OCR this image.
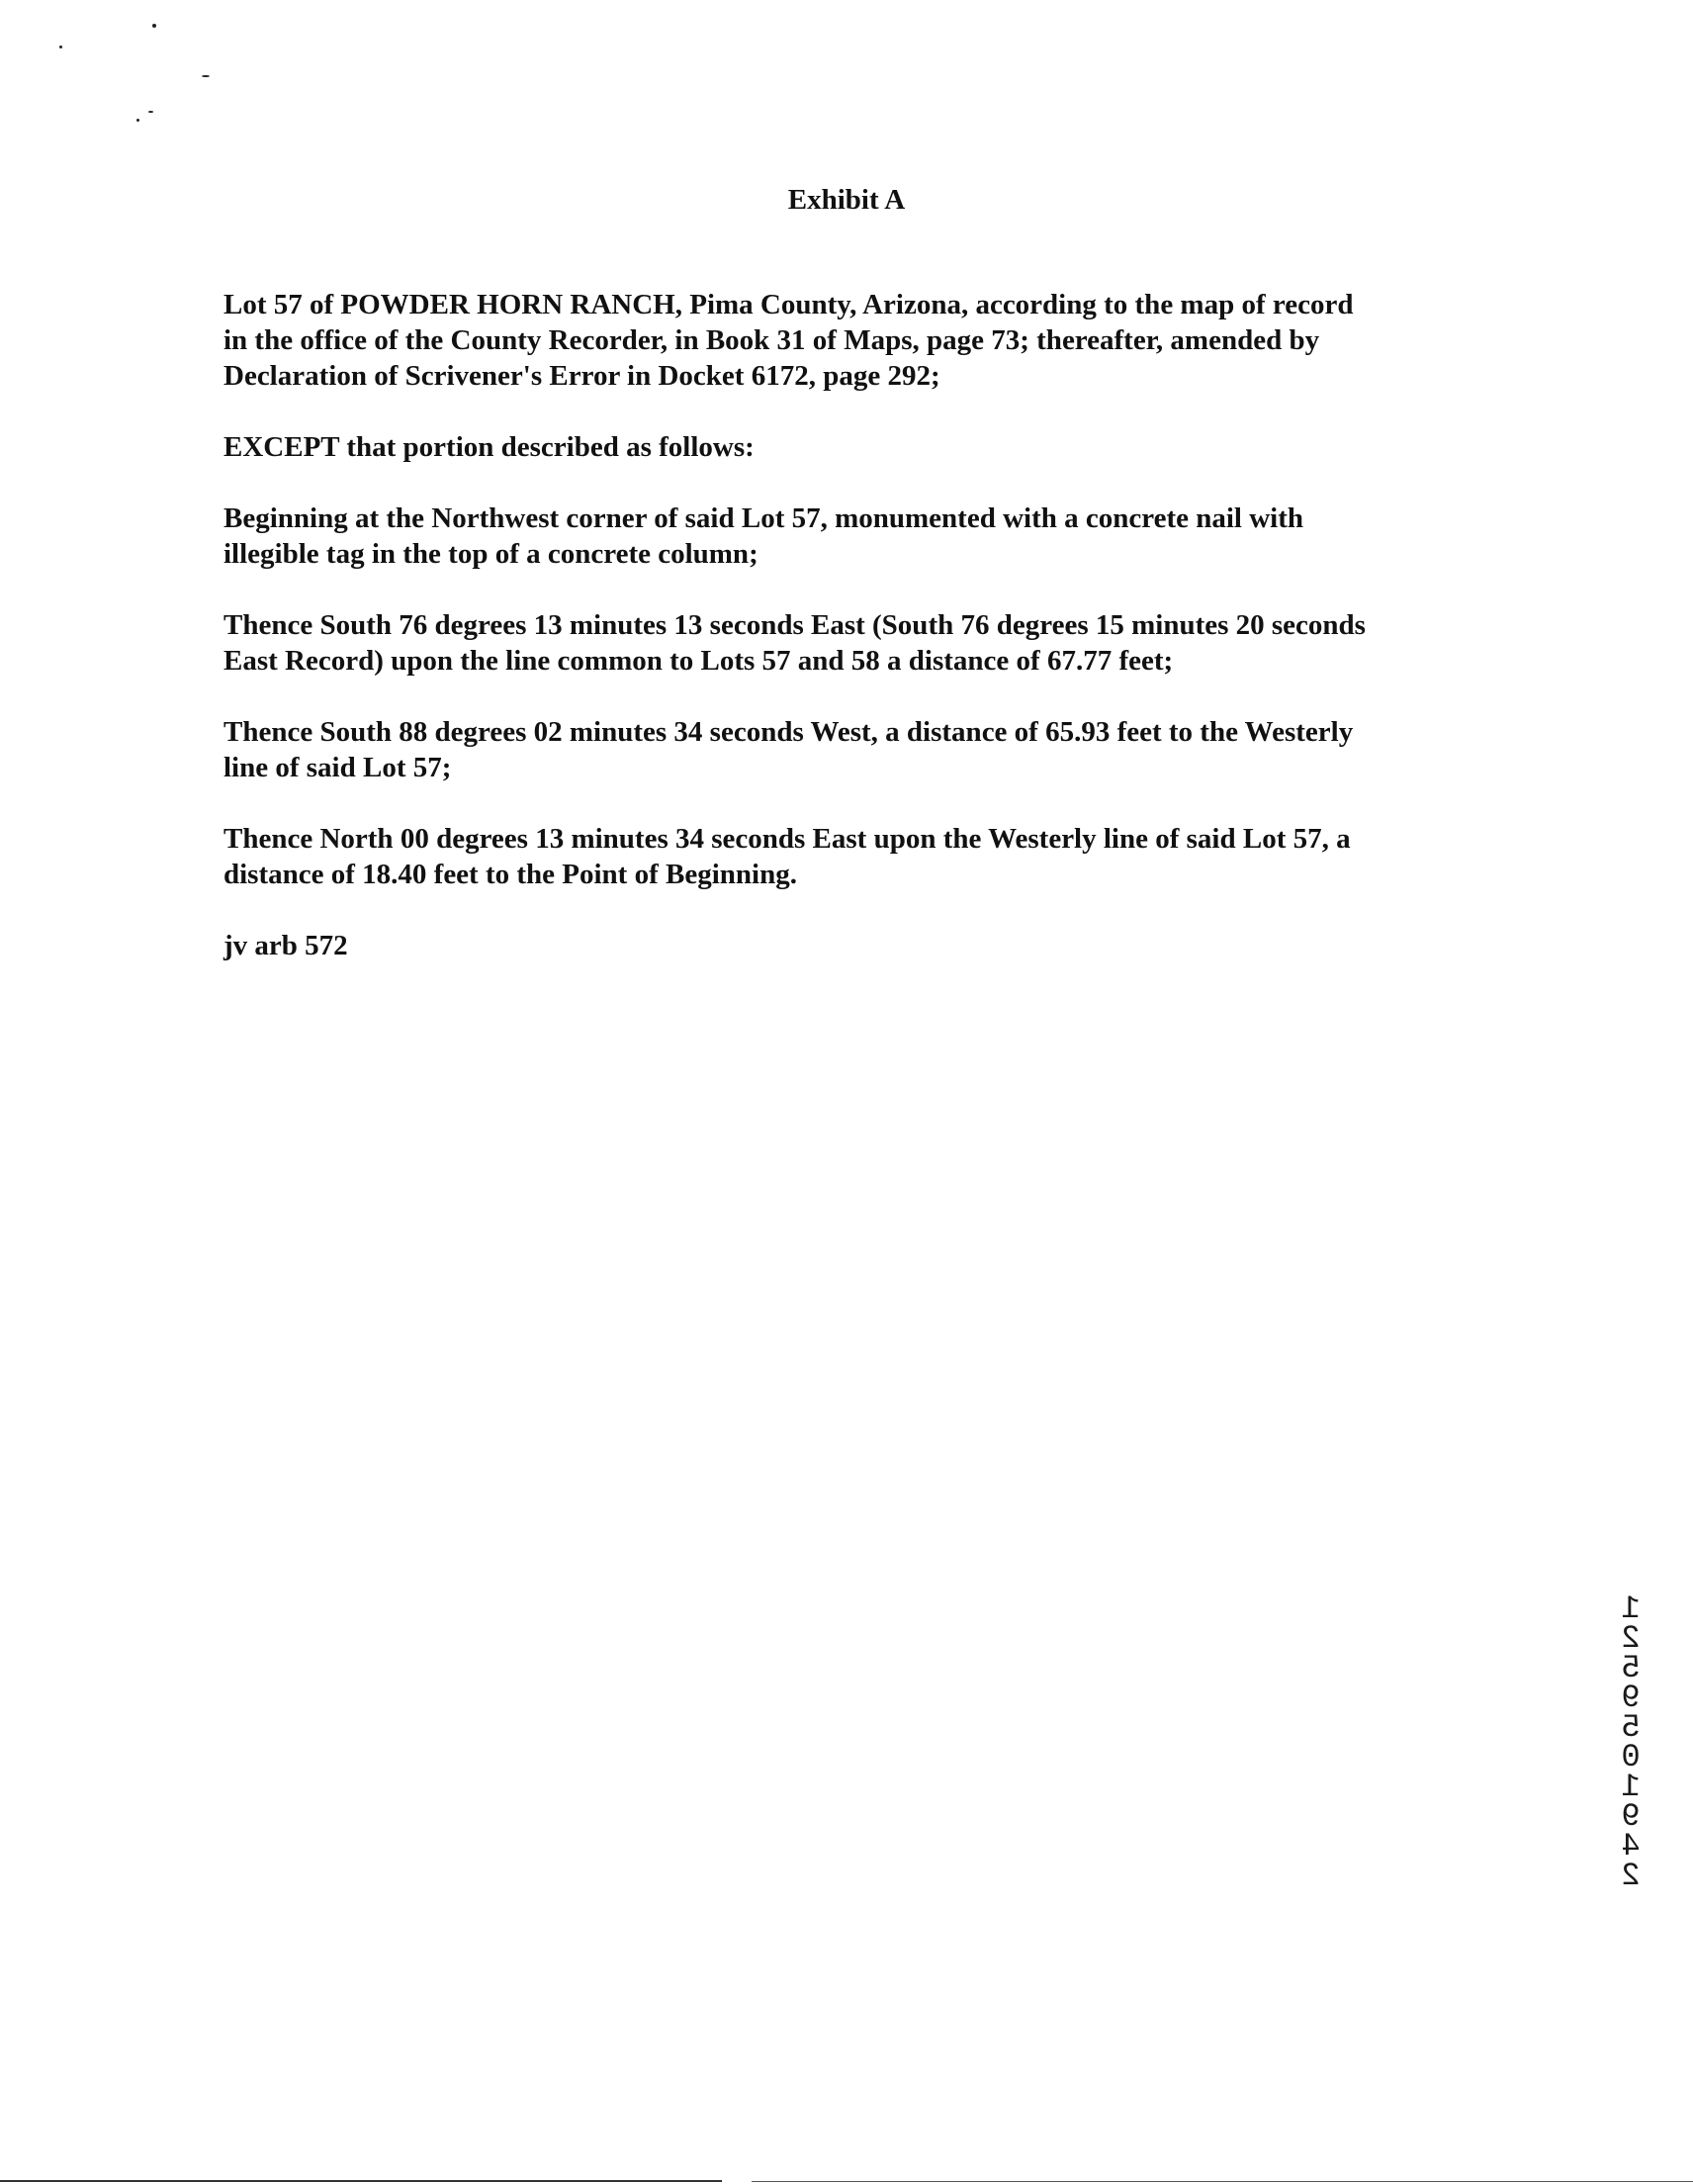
Exhibit A

Lot 57 of POWDER HORN RANCH, Pima County, Arizona, according to the map of record
in the office of the County Recorder, in Book 31 of Maps, page 73; thereafter, amended by
Declaration of Scrivener's Error in Docket 6172, page 292;

EXCEPT that portion described as follows:

Beginning at the Northwest corner of said Lot 57, monumented with a concrete nail with
illegible tag in the top of a concrete column;

Thence South 76 degrees 13 minutes 13 seconds East (South 76 degrees 15 minutes 20 seconds
East Record) upon the line common to Lots 57 and 58 a distance of 67.77 feet;

Thence South 88 degrees 02 minutes 34 seconds West, a distance of 65.93 feet to the Westerly
line of said Lot 57;

Thence North 00 degrees 13 minutes 34 seconds East upon the Westerly line of said Lot 57, a
distance of 18.40 feet to the Point of Beginning.

jv arb 572

12595 01942
